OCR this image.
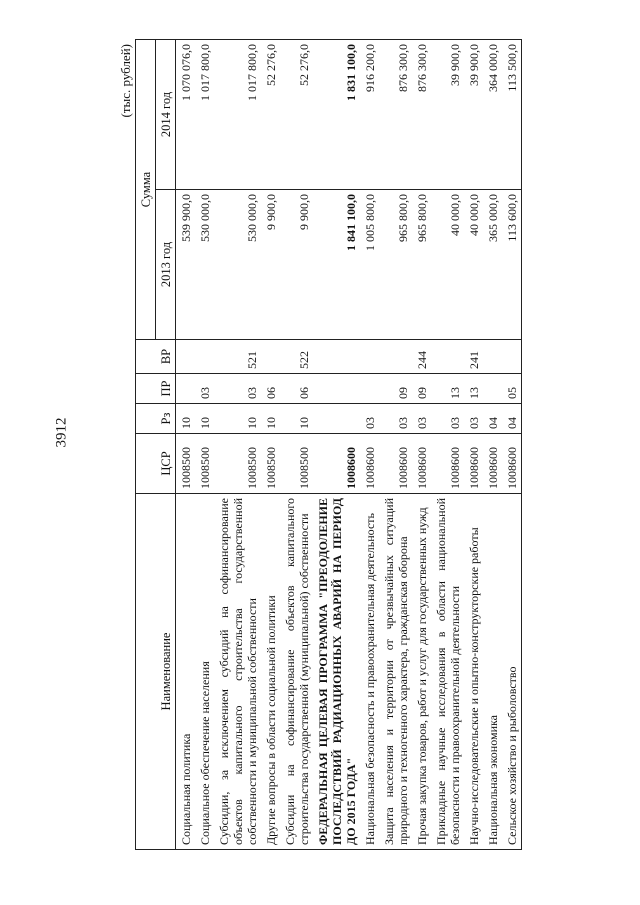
3912
(тыс. рублей)
Наименование	ЦСР	Рз	ПР	ВР	Сумма	
					2013 год	2014 год
Социальная политика	1008500	10			539 900,0	1 070 076,0
Социальное обеспечение населения	1008500	10	03		530 000,0	1 017 800,0
Субсидии, за исключением субсидий на софинансирование объектов капитального строительства государственной собственности и муниципальной собственности	1008500	10	03	521	530 000,0	1 017 800,0
Другие вопросы в области социальной политики	1008500	10	06		9 900,0	52 276,0
Субсидии на софинансирование объектов капитального строительства государственной (муниципальной) собственности	1008500	10	06	522	9 900,0	52 276,0
ФЕДЕРАЛЬНАЯ ЦЕЛЕВАЯ ПРОГРАММА "ПРЕОДОЛЕНИЕ ПОСЛЕДСТВИЙ РАДИАЦИОННЫХ АВАРИЙ НА ПЕРИОД ДО 2015 ГОДА"	1008600				1 841 100,0	1 831 100,0
Национальная безопасность и правоохранительная деятельность	1008600	03			1 005 800,0	916 200,0
Защита населения и территории от чрезвычайных ситуаций природного и техногенного характера, гражданская оборона	1008600	03	09		965 800,0	876 300,0
Прочая закупка товаров, работ и услуг для государственных нужд	1008600	03	09	244	965 800,0	876 300,0
Прикладные научные исследования в области национальной безопасности и правоохранительной деятельности	1008600	03	13		40 000,0	39 900,0
Научно-исследовательские и опытно-конструкторские работы	1008600	03	13	241	40 000,0	39 900,0
Национальная экономика	1008600	04			365 000,0	364 000,0
Сельское хозяйство и рыболовство	1008600	04	05		113 600,0	113 500,0
